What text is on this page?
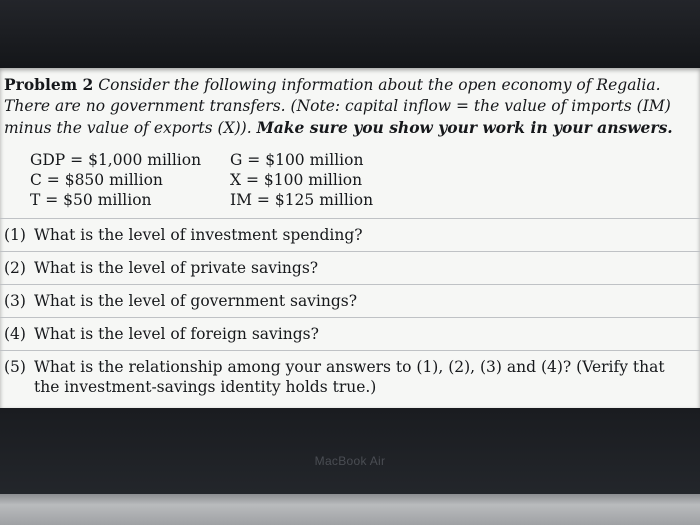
Problem 2 Consider the following information about the open economy of Regalia. There are no government transfers. (Note: capital inflow = the value of imports (IM) minus the value of exports (X)). Make sure you show your work in your answers.
GDP = $1,000 million G = $100 million
C = $850 million	X = $100 million
T = $50 million	IM = $125 million
(1) What is the level of investment spending?
(2) What is the level of private savings?
(3) What is the level of government savings?
(4) What is the level of foreign savings?
(5) What is the relationship among your answers to (1), (2), (3) and (4)? (Verify that the investment-savings identity holds true.)
MacBook Air
